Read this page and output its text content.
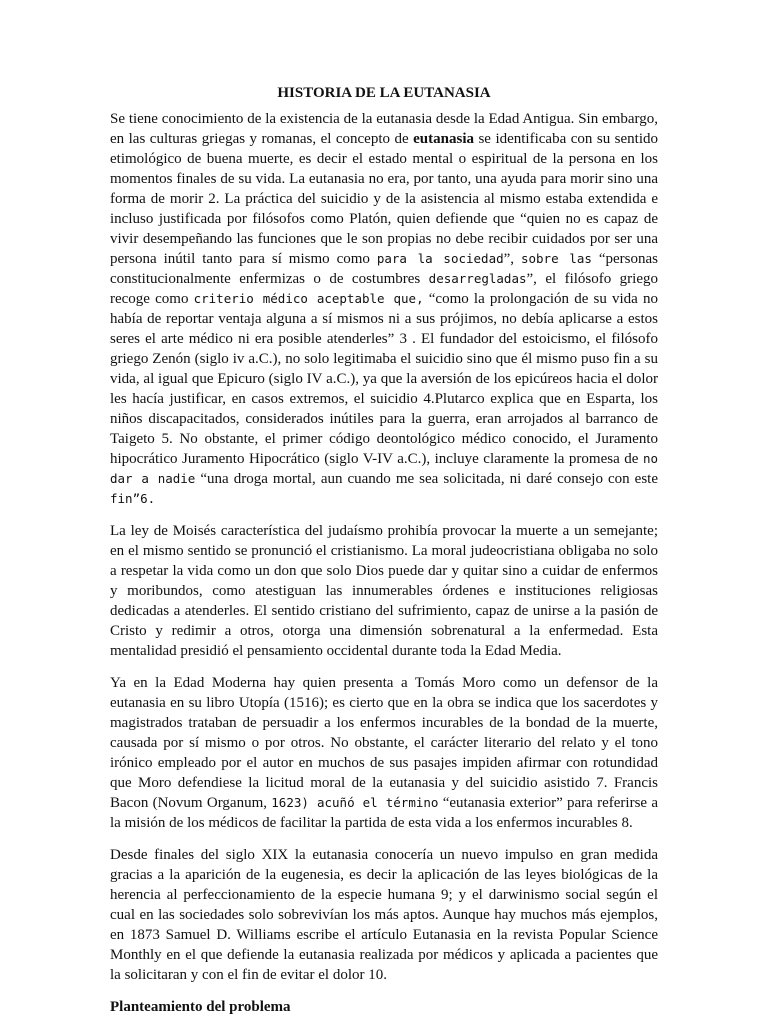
HISTORIA DE LA EUTANASIA

Se tiene conocimiento de la existencia de la eutanasia desde la Edad Antigua. Sin embargo, en las culturas griegas y romanas, el concepto de eutanasia se identificaba con su sentido etimológico de buena muerte, es decir el estado mental o espiritual de la persona en los momentos finales de su vida. La eutanasia no era, por tanto, una ayuda para morir sino una forma de morir 2. La práctica del suicidio y de la asistencia al mismo estaba extendida e incluso justificada por filósofos como Platón, quien defiende que “quien no es capaz de vivir desempeñando las funciones que le son propias no debe recibir cuidados por ser una persona inútil tanto para sí mismo como para la sociedad”, sobre las “personas constitucionalmente enfermizas o de costumbres desarregladas”, el filósofo griego recoge como criterio médico aceptable que, “como la prolongación de su vida no había de reportar ventaja alguna a sí mismos ni a sus prójimos, no debía aplicarse a estos seres el arte médico ni era posible atenderles” 3 . El fundador del estoicismo, el filósofo griego Zenón (siglo iv a.C.), no solo legitimaba el suicidio sino que él mismo puso fin a su vida, al igual que Epicuro (siglo IV a.C.), ya que la aversión de los epicúreos hacia el dolor les hacía justificar, en casos extremos, el suicidio 4.Plutarco explica que en Esparta, los niños discapacitados, considerados inútiles para la guerra, eran arrojados al barranco de Taigeto 5. No obstante, el primer código deontológico médico conocido, el Juramento hipocrático Juramento Hipocrático (siglo V-IV a.C.), incluye claramente la promesa de no dar a nadie “una droga mortal, aun cuando me sea solicitada, ni daré consejo con este fin”6.

La ley de Moisés característica del judaísmo prohibía provocar la muerte a un semejante; en el mismo sentido se pronunció el cristianismo. La moral judeocristiana obligaba no solo a respetar la vida como un don que solo Dios puede dar y quitar sino a cuidar de enfermos y moribundos, como atestiguan las innumerables órdenes e instituciones religiosas dedicadas a atenderles. El sentido cristiano del sufrimiento, capaz de unirse a la pasión de Cristo y redimir a otros, otorga una dimensión sobrenatural a la enfermedad. Esta mentalidad presidió el pensamiento occidental durante toda la Edad Media.

Ya en la Edad Moderna hay quien presenta a Tomás Moro como un defensor de la eutanasia en su libro Utopía (1516); es cierto que en la obra se indica que los sacerdotes y magistrados trataban de persuadir a los enfermos incurables de la bondad de la muerte, causada por sí mismo o por otros. No obstante, el carácter literario del relato y el tono irónico empleado por el autor en muchos de sus pasajes impiden afirmar con rotundidad que Moro defendiese la licitud moral de la eutanasia y del suicidio asistido 7. Francis Bacon (Novum Organum, 1623) acuñó el término “eutanasia exterior” para referirse a la misión de los médicos de facilitar la partida de esta vida a los enfermos incurables 8.

Desde finales del siglo XIX la eutanasia conocería un nuevo impulso en gran medida gracias a la aparición de la eugenesia, es decir la aplicación de las leyes biológicas de la herencia al perfeccionamiento de la especie humana 9; y el darwinismo social según el cual en las sociedades solo sobrevivían los más aptos. Aunque hay muchos más ejemplos, en 1873 Samuel D. Williams escribe el artículo Eutanasia en la revista Popular Science Monthly en el que defiende la eutanasia realizada por médicos y aplicada a pacientes que la solicitaran y con el fin de evitar el dolor 10.

Planteamiento del problema
